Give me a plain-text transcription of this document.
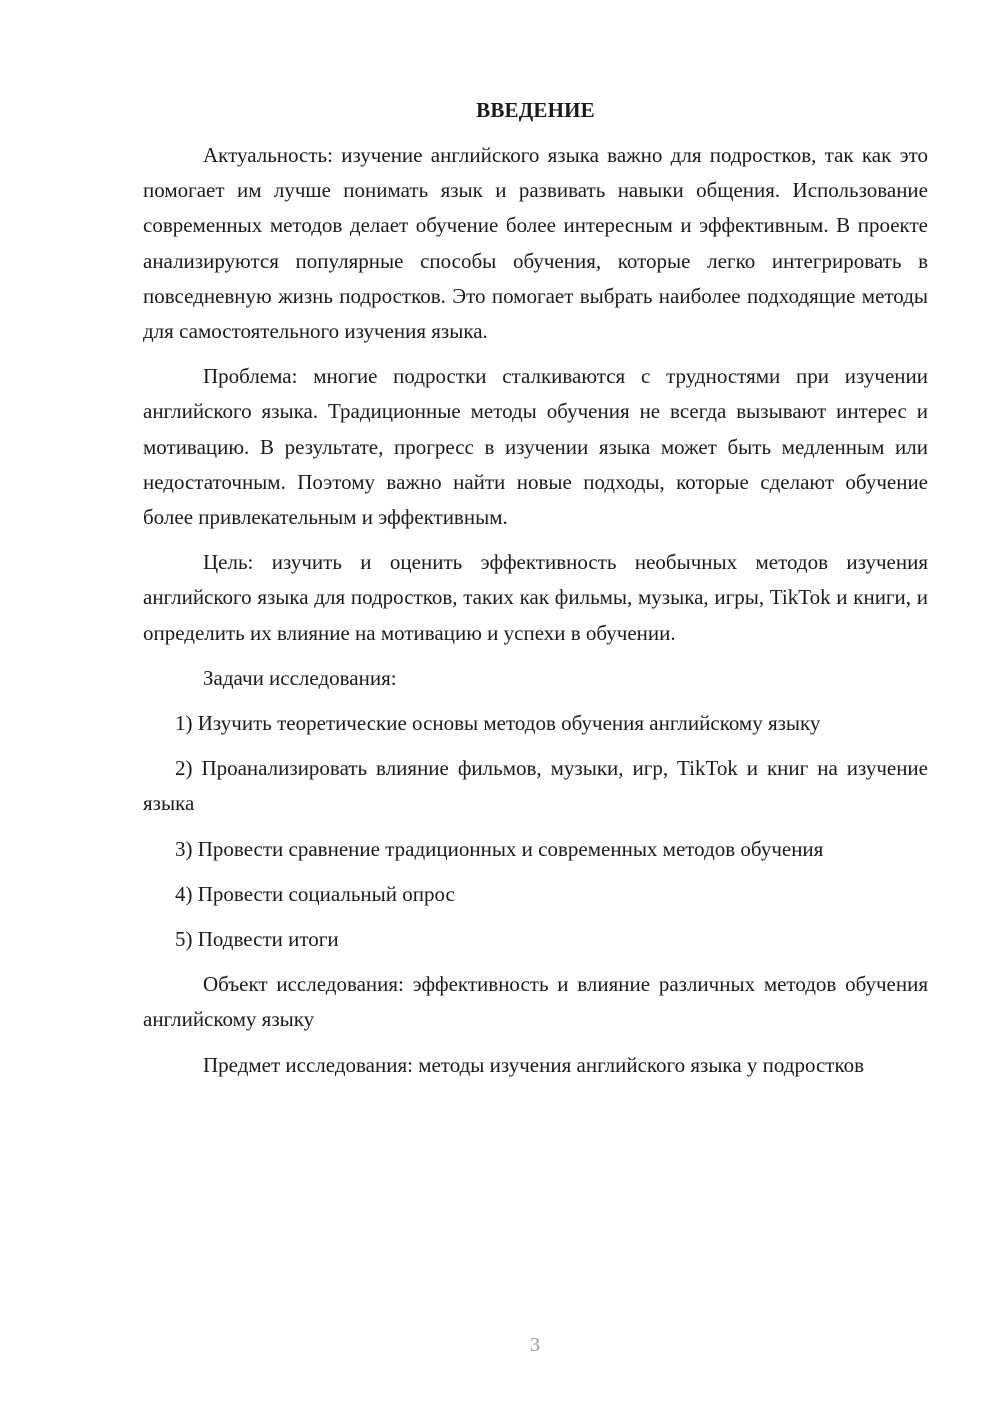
ВВЕДЕНИЕ

Актуальность: изучение английского языка важно для подростков, так как это помогает им лучше понимать язык и развивать навыки общения. Использование современных методов делает обучение более интересным и эффективным. В проекте анализируются популярные способы обучения, которые легко интегрировать в повседневную жизнь подростков. Это помогает выбрать наиболее подходящие методы для самостоятельного изучения языка.

Проблема: многие подростки сталкиваются с трудностями при изучении английского языка. Традиционные методы обучения не всегда вызывают интерес и мотивацию. В результате, прогресс в изучении языка может быть медленным или недостаточным. Поэтому важно найти новые подходы, которые сделают обучение более привлекательным и эффективным.

Цель: изучить и оценить эффективность необычных методов изучения английского языка для подростков, таких как фильмы, музыка, игры, TikTok и книги, и определить их влияние на мотивацию и успехи в обучении.

Задачи исследования:

1) Изучить теоретические основы методов обучения английскому языку

2) Проанализировать влияние фильмов, музыки, игр, TikTok и книг на изучение языка

3) Провести сравнение традиционных и современных методов обучения

4) Провести социальный опрос

5) Подвести итоги

Объект исследования: эффективность и влияние различных методов обучения английскому языку

Предмет исследования: методы изучения английского языка у подростков

3
